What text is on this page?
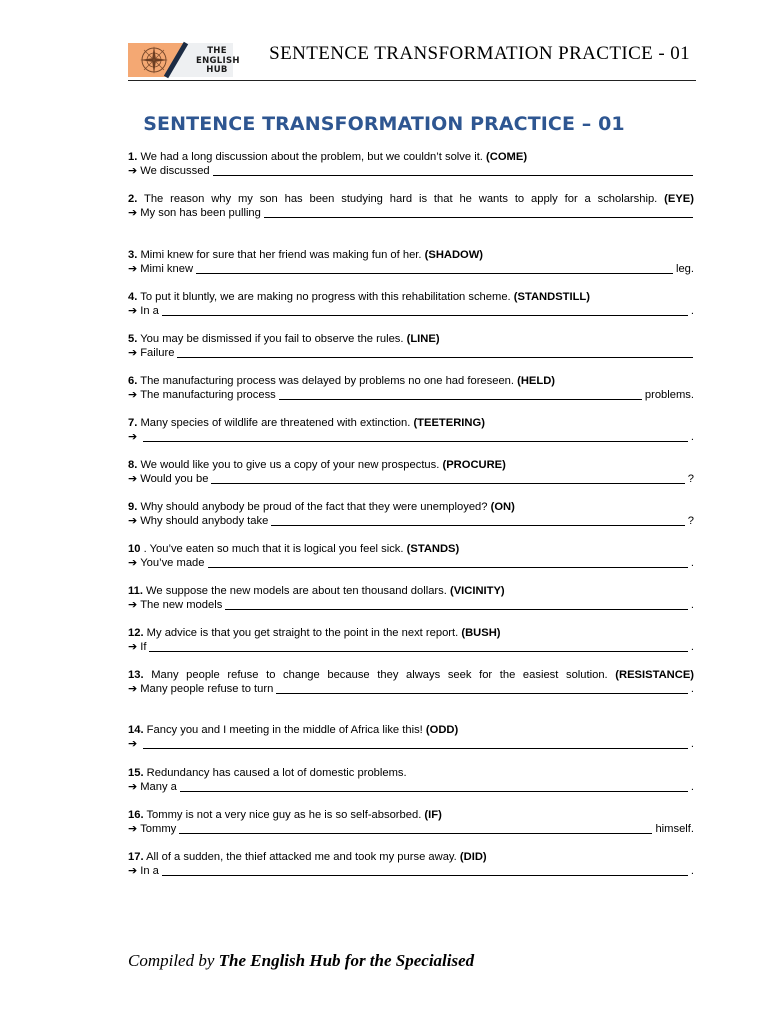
THE
ENGLISH
HUB
SENTENCE TRANSFORMATION PRACTICE - 01
SENTENCE TRANSFORMATION PRACTICE – 01
1. We had a long discussion about the problem, but we couldn’t solve it. (COME)
➔ We discussed
2. The reason why my son has been studying hard is that he wants to apply for a scholarship. (EYE)
➔ My son has been pulling
3. Mimi knew for sure that her friend was making fun of her. (SHADOW)
➔ Mimi knew	leg.
4. To put it bluntly, we are making no progress with this rehabilitation scheme. (STANDSTILL)
➔ In a	.
5. You may be dismissed if you fail to observe the rules. (LINE)
➔ Failure
6. The manufacturing process was delayed by problems no one had foreseen. (HELD)
➔ The manufacturing process	problems.
7. Many species of wildlife are threatened with extinction. (TEETERING)
➔	.
8. We would like you to give us a copy of your new prospectus. (PROCURE)
➔ Would you be	?
9. Why should anybody be proud of the fact that they were unemployed? (ON)
➔ Why should anybody take	?
10 . You’ve eaten so much that it is logical you feel sick. (STANDS)
➔ You’ve made	.
11. We suppose the new models are about ten thousand dollars. (VICINITY)
➔ The new models	.
12. My advice is that you get straight to the point in the next report. (BUSH)
➔ If	.
13. Many people refuse to change because they always seek for the easiest solution. (RESISTANCE)
➔ Many people refuse to turn	.
14. Fancy you and I meeting in the middle of Africa like this! (ODD)
➔	.
15. Redundancy has caused a lot of domestic problems.
➔ Many a	.
16. Tommy is not a very nice guy as he is so self-absorbed. (IF)
➔ Tommy	himself.
17. All of a sudden, the thief attacked me and took my purse away. (DID)
➔ In a	.
Compiled by The English Hub for the Specialised
